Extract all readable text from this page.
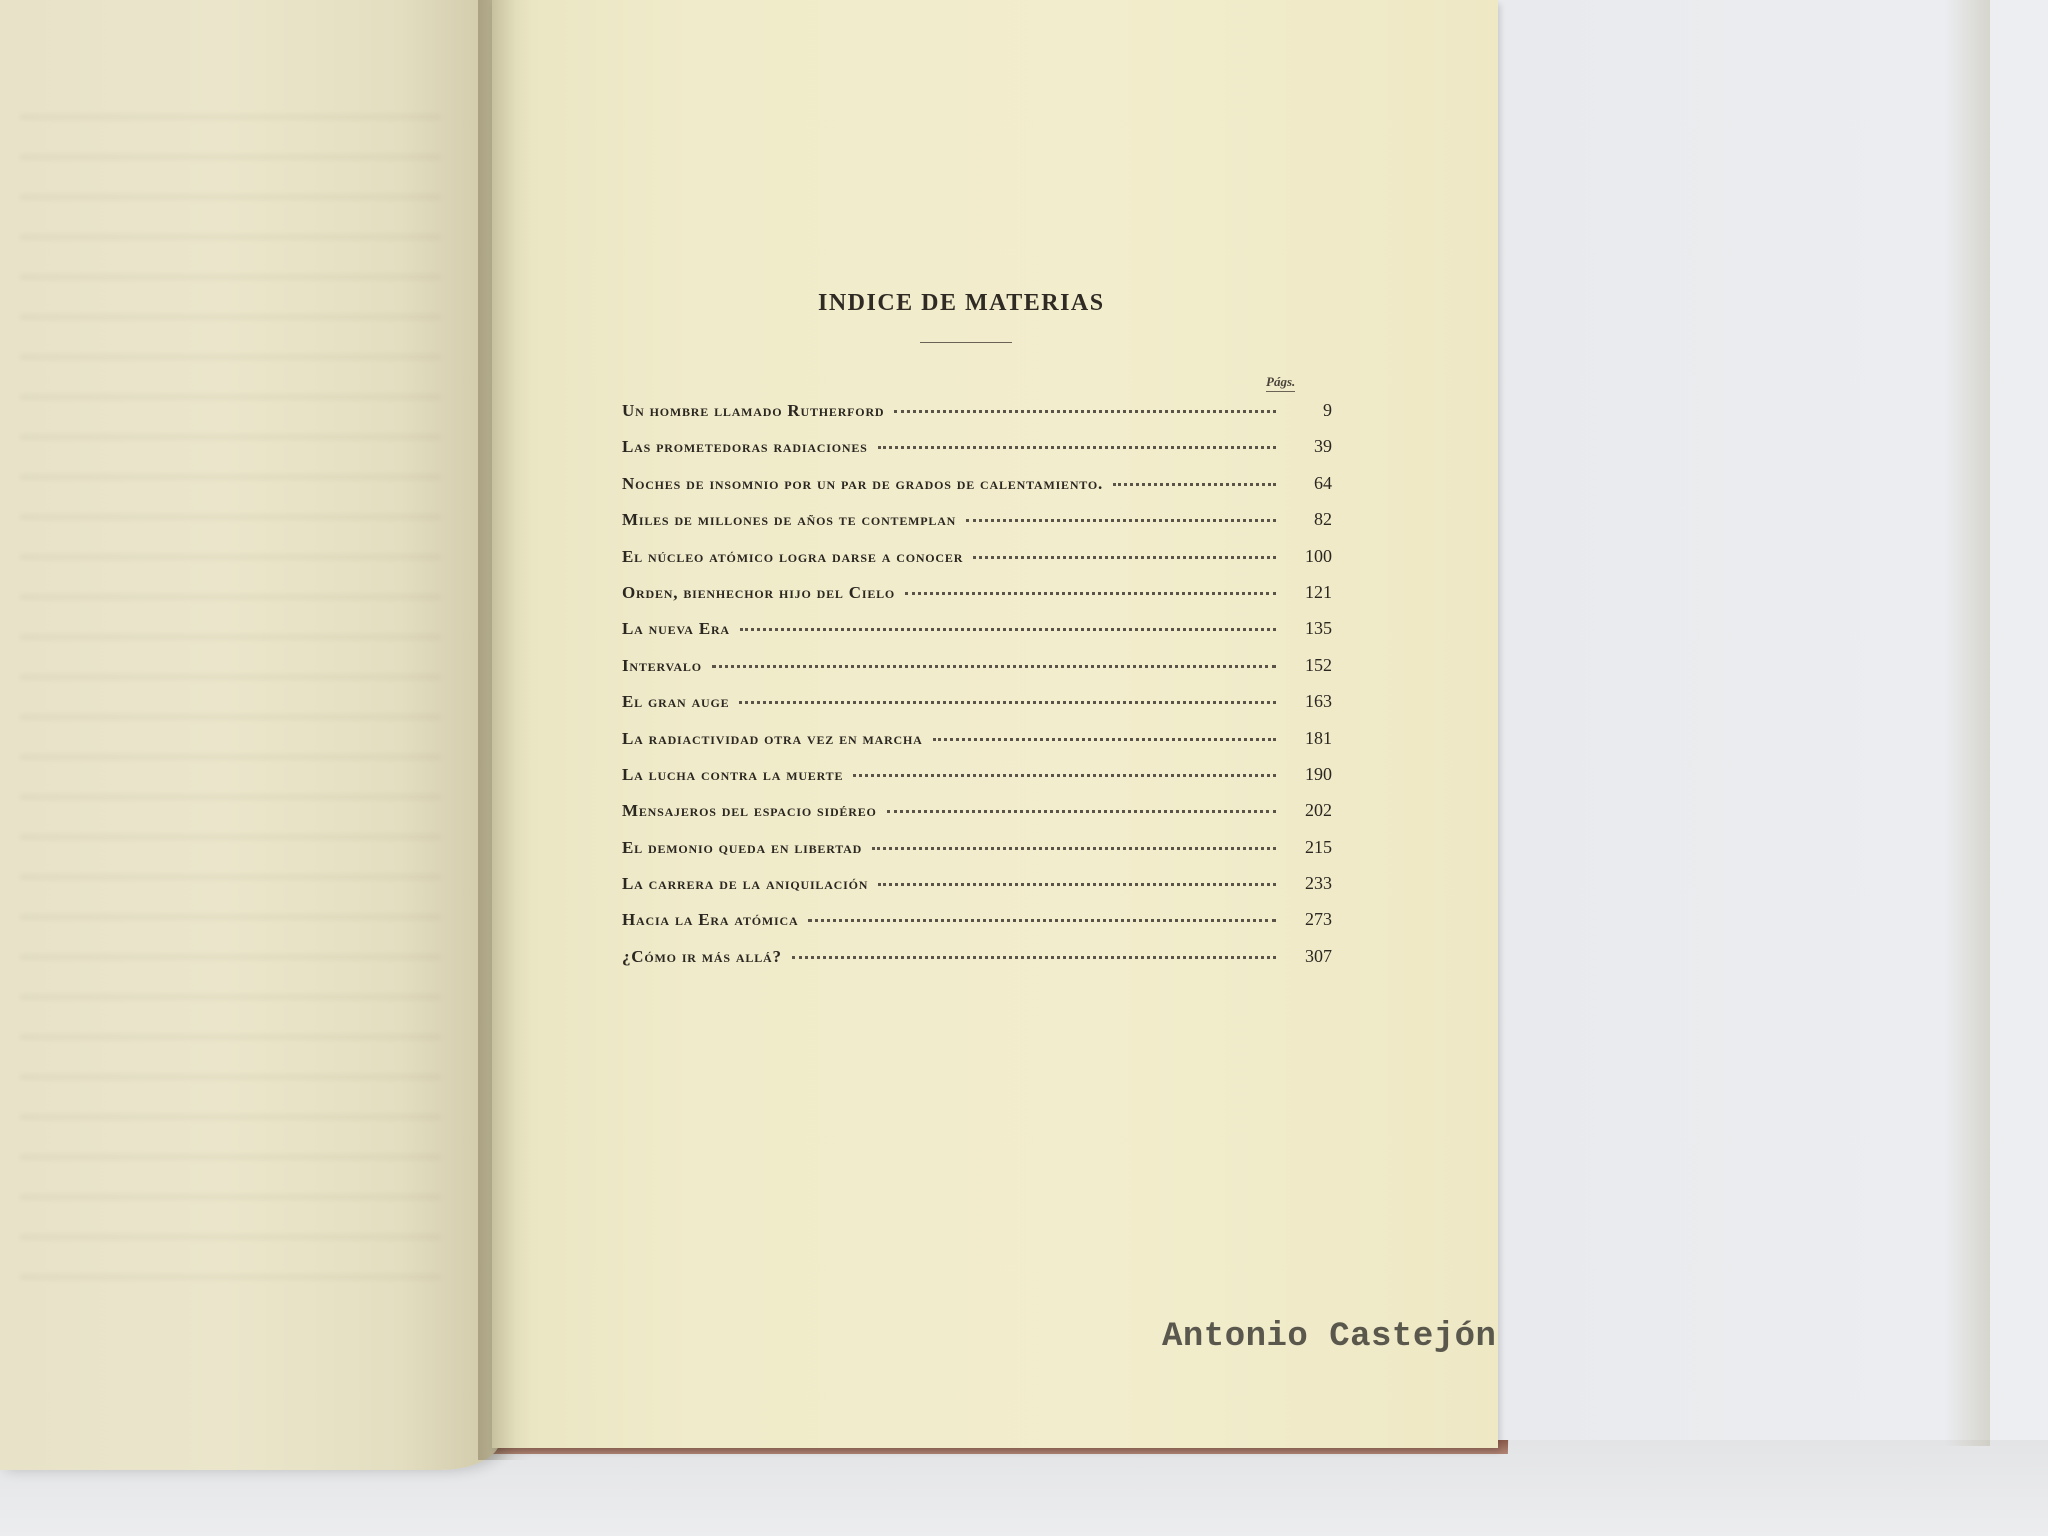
INDICE DE MATERIAS
Págs.
Un hombre llamado Rutherford	9
Las prometedoras radiaciones	39
Noches de insomnio por un par de grados de calentamiento.	64
Miles de millones de años te contemplan	82
El núcleo atómico logra darse a conocer	100
Orden, bienhechor hijo del Cielo	121
La nueva Era	135
Intervalo	152
El gran auge	163
La radiactividad otra vez en marcha	181
La lucha contra la muerte	190
Mensajeros del espacio sidéreo	202
El demonio queda en libertad	215
La carrera de la aniquilación	233
Hacia la Era atómica	273
¿Cómo ir más allá?	307
Antonio Castejón
